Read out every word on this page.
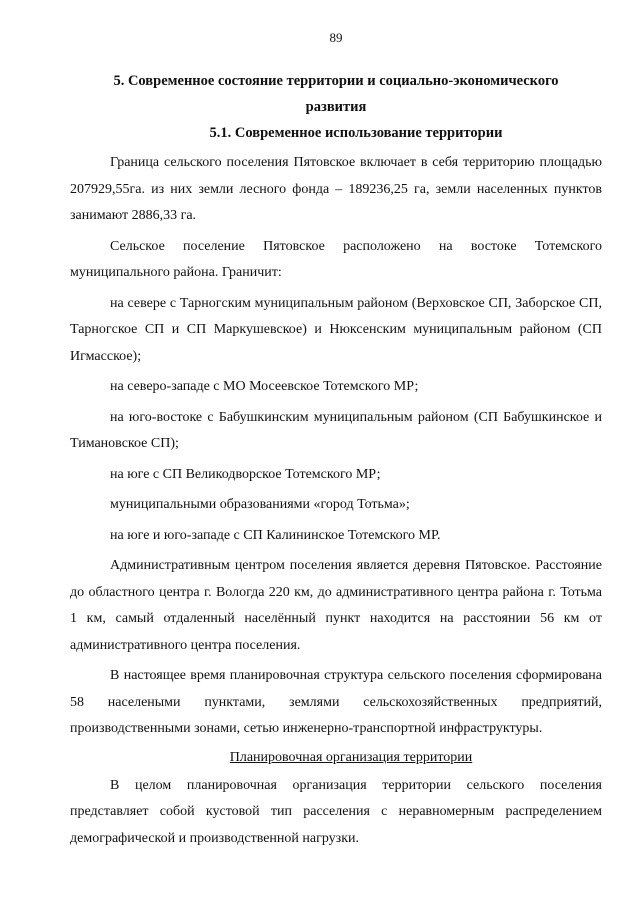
89
5. Современное состояние территории и социально-экономического
развития
5.1. Современное использование территории

Граница сельского поселения Пятовское включает в себя территорию площадью 207929,55га. из них земли лесного фонда – 189236,25 га, земли населенных пунктов занимают 2886,33 га.

Сельское поселение Пятовское расположено на востоке Тотемского муниципального района. Граничит:

на севере с Тарногским муниципальным районом (Верховское СП, Заборское СП, Тарногское СП и СП Маркушевское) и Нюксенским муниципальным районом (СП Игмасское);

на северо-западе с МО Мосеевское Тотемского МР;

на юго-востоке с Бабушкинским муниципальным районом (СП Бабушкинское и Тимановское СП);

на юге с СП Великодворское Тотемского МР;

муниципальными образованиями «город Тотьма»;

на юге и юго-западе с СП Калининское Тотемского МР.

Административным центром поселения является деревня Пятовское. Расстояние до областного центра г. Вологда 220 км, до административного центра района г. Тотьма 1 км, самый отдаленный населённый пункт находится на расстоянии 56 км от административного центра поселения.

В настоящее время планировочная структура сельского поселения сформирована 58 населеными пунктами, землями сельскохозяйственных предприятий, производственными зонами, сетью инженерно-транспортной инфраструктуры.

Планировочная организация территории

В целом планировочная организация территории сельского поселения представляет собой кустовой тип расселения с неравномерным распределением демографической и производственной нагрузки.
